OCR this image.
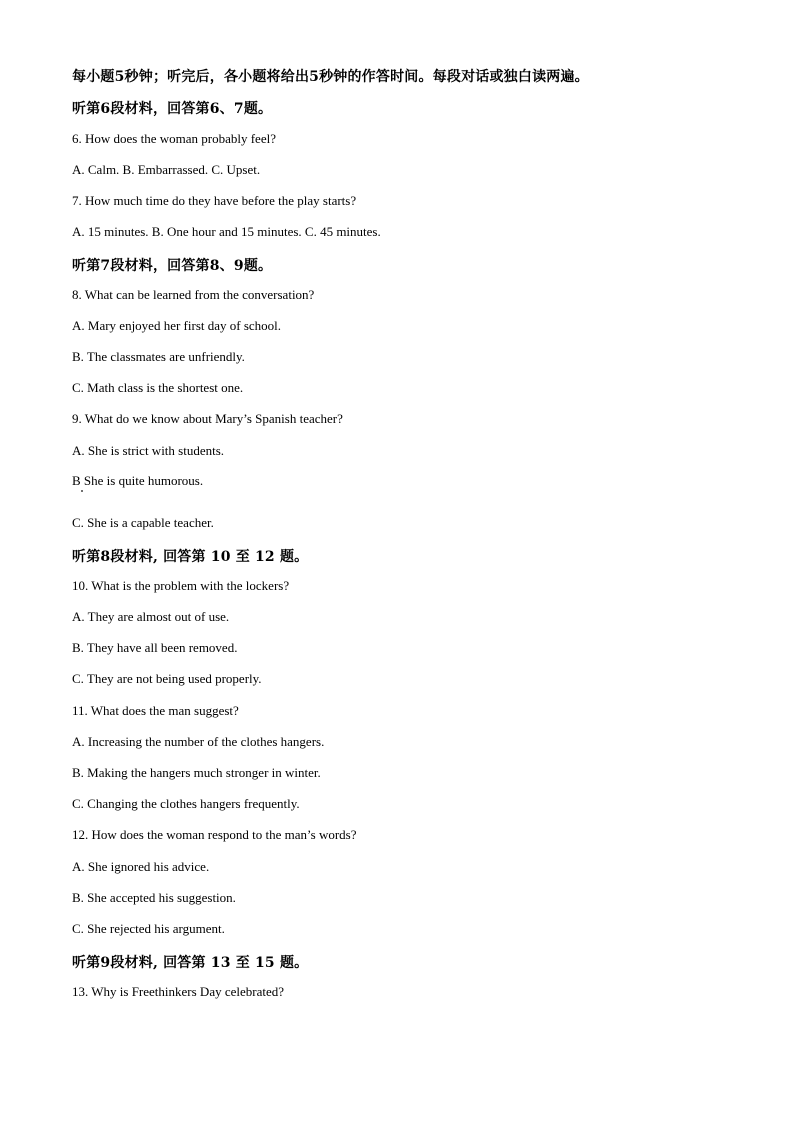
每小题5秒钟；听完后，各小题将给出5秒钟的作答时间。每段对话或独白读两遍。
听第6段材料，回答第6、7题。
6. How does the woman probably feel?
A. Calm. B. Embarrassed. C. Upset.
7. How much time do they have before the play starts?
A. 15 minutes. B. One hour and 15 minutes. C. 45 minutes.
听第7段材料，回答第8、9题。
8. What can be learned from the conversation?
A. Mary enjoyed her first day of school.
B. The classmates are unfriendly.
C. Math class is the shortest one.
9. What do we know about Mary’s Spanish teacher?
A. She is strict with students.
B She is quite humorous.
C. She is a capable teacher.
听第8段材料, 回答第 10 至 12 题。
10. What is the problem with the lockers?
A. They are almost out of use.
B. They have all been removed.
C. They are not being used properly.
11. What does the man suggest?
A. Increasing the number of the clothes hangers.
B. Making the hangers much stronger in winter.
C. Changing the clothes hangers frequently.
12. How does the woman respond to the man’s words?
A. She ignored his advice.
B. She accepted his suggestion.
C. She rejected his argument.
听第9段材料, 回答第 13 至 15 题。
13. Why is Freethinkers Day celebrated?
